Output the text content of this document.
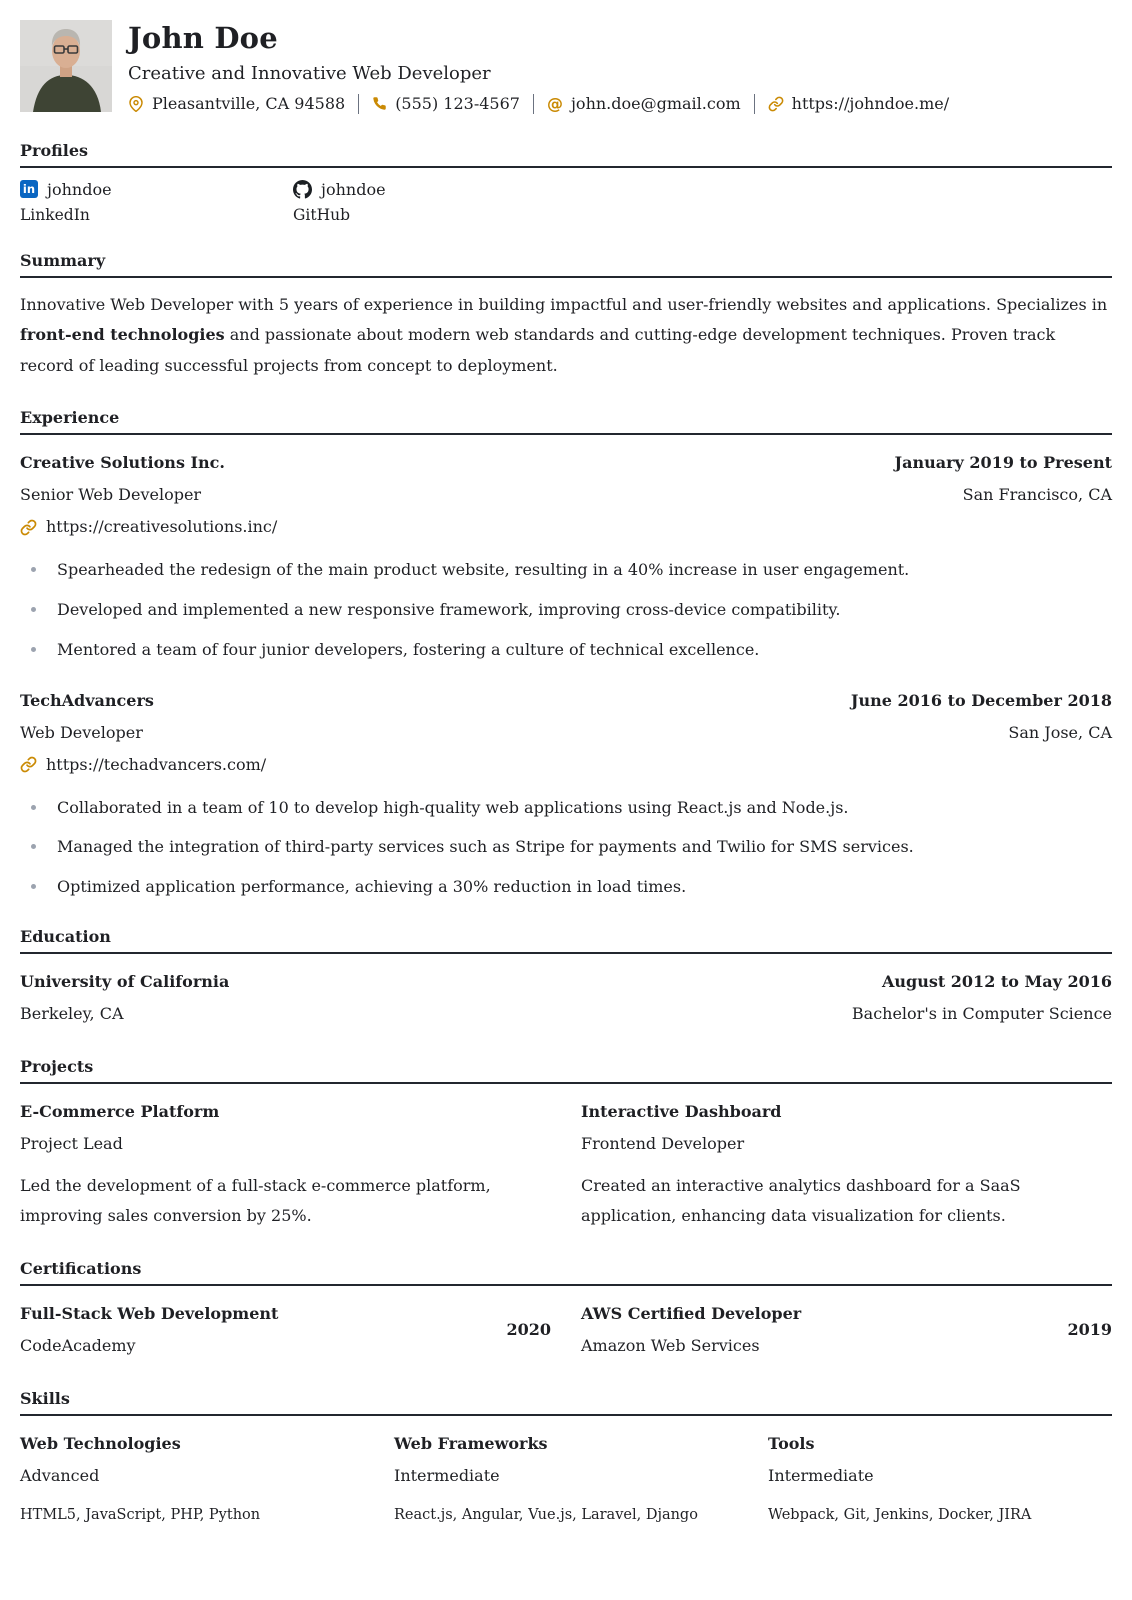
John Doe
Creative and Innovative Web Developer
Pleasantville, CA 94588	(555) 123-4567 @ john.doe@gmail.com	https://johndoe.me/
Profiles
in johndoe
LinkedIn
johndoe
GitHub
Summary

Innovative Web Developer with 5 years of experience in building impactful and user-friendly websites and applications. Specializes in front-end technologies and passionate about modern web standards and cutting-edge development techniques. Proven track record of leading successful projects from concept to deployment.

Experience
Creative Solutions Inc.	January 2019 to Present
Senior Web Developer	San Francisco, CA
https://creativesolutions.inc/
Spearheaded the redesign of the main product website, resulting in a 40% increase in user engagement.
Developed and implemented a new responsive framework, improving cross-device compatibility.
Mentored a team of four junior developers, fostering a culture of technical excellence.
TechAdvancers	June 2016 to December 2018
Web Developer	San Jose, CA
https://techadvancers.com/
Collaborated in a team of 10 to develop high-quality web applications using React.js and Node.js.
Managed the integration of third-party services such as Stripe for payments and Twilio for SMS services.
Optimized application performance, achieving a 30% reduction in load times.
Education
University of California	August 2012 to May 2016
Berkeley, CA	Bachelor's in Computer Science
Projects
E-Commerce Platform
Project Lead
Led the development of a full-stack e-commerce platform, improving sales conversion by 25%.
Interactive Dashboard
Frontend Developer
Created an interactive analytics dashboard for a SaaS application, enhancing data visualization for clients.
Certifications
Full-Stack Web Development
CodeAcademy
2020
AWS Certified Developer
Amazon Web Services
2019
Skills
Web Technologies
Advanced
HTML5, JavaScript, PHP, Python
Web Frameworks
Intermediate
React.js, Angular, Vue.js, Laravel, Django
Tools
Intermediate
Webpack, Git, Jenkins, Docker, JIRA
